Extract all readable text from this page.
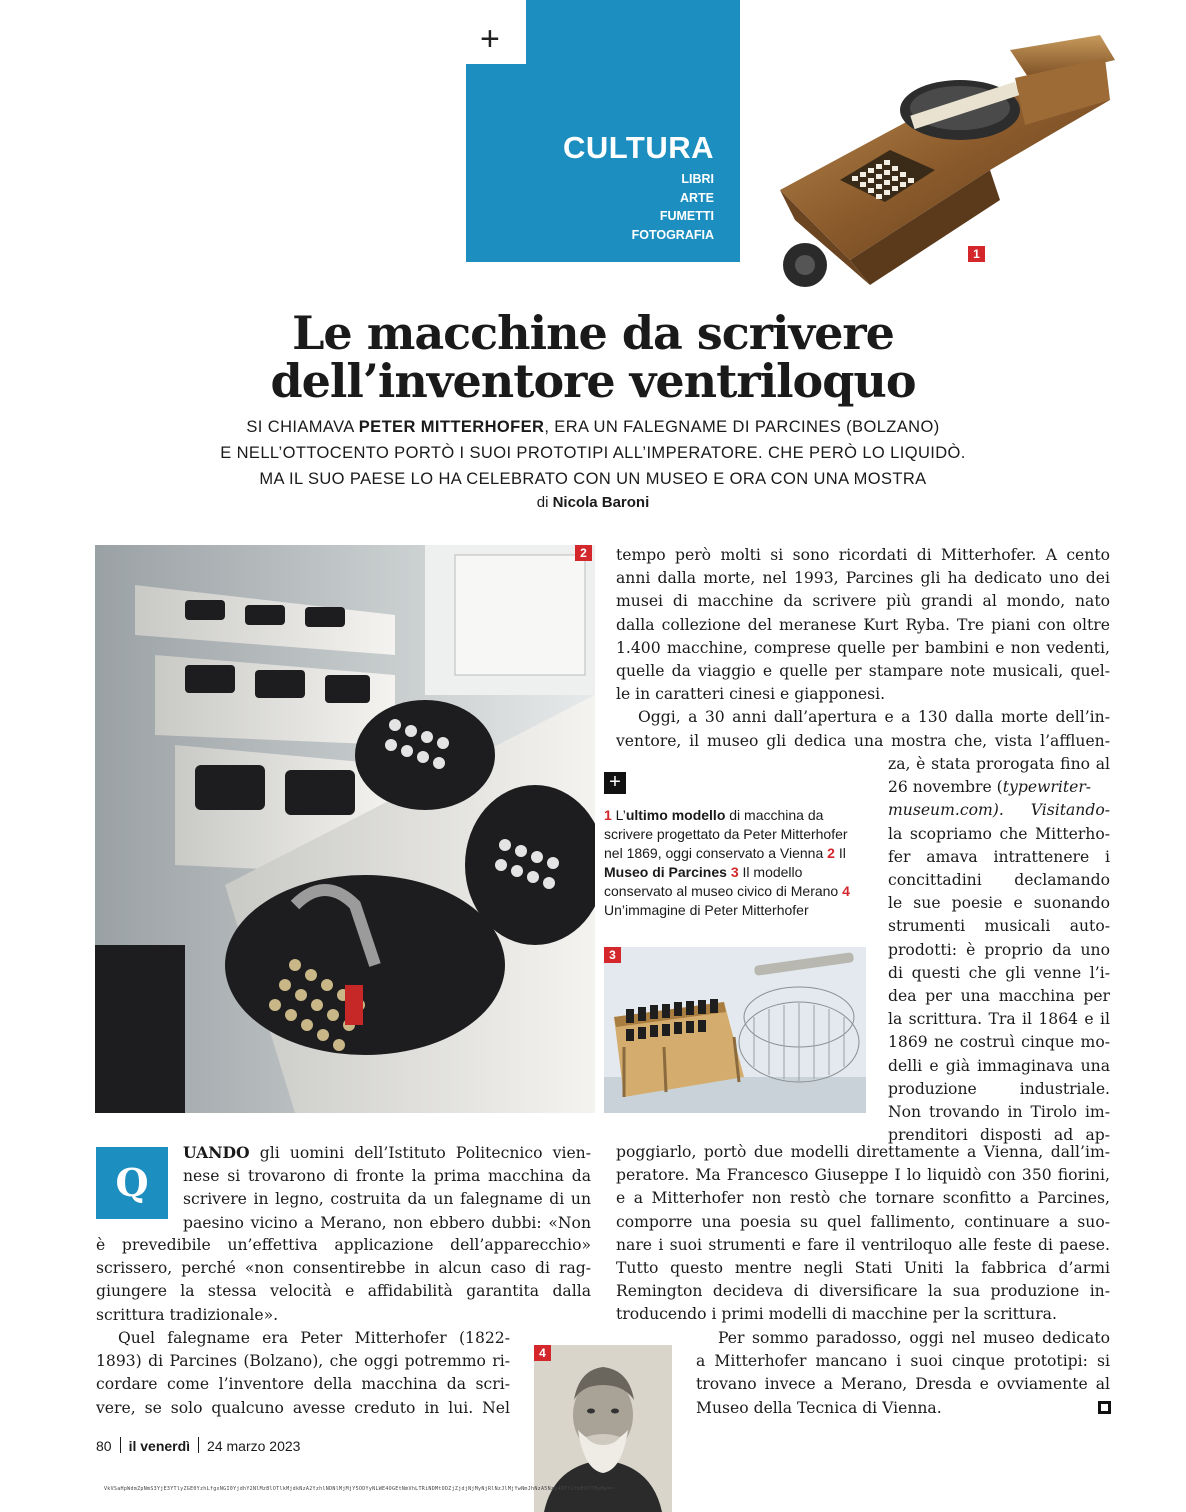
+
CULTURA
LIBRI
ARTE
FUMETTI
FOTOGRAFIA
1
Le macchine da scrivere
dell’inventore ventriloquo
SI CHIAMAVA PETER MITTERHOFER, ERA UN FALEGNAME DI PARCINES (BOLZANO)
E NELL’OTTOCENTO PORTÒ I SUOI PROTOTIPI ALL’IMPERATORE. CHE PERÒ LO LIQUIDÒ.
MA IL SUO PAESE LO HA CELEBRATO CON UN MUSEO E ORA CON UNA MOSTRA
di Nicola Baroni
2
+
1 L’ultimo modello di macchina da scrivere progettato da Peter Mitterhofer nel 1869, oggi conservato a Vienna 2 Il Museo di Parcines 3 Il modello conservato al museo civico di Merano 4 Un’immagine di Peter Mitterhofer
3
tempo però molti si sono ricordati di Mitterhofer. A cento
anni dalla morte, nel 1993, Parcines gli ha dedicato uno dei
musei di macchine da scrivere più grandi al mondo, nato
dalla collezione del meranese Kurt Ryba. Tre piani con oltre
1.400 macchine, comprese quelle per bambini e non vedenti,
quelle da viaggio e quelle per stampare note musicali, quel-
le in caratteri cinesi e giapponesi.
Oggi, a 30 anni dall’apertura e a 130 dalla morte dell’in-
ventore, il museo gli dedica una mostra che, vista l’affluen-
za, è stata prorogata fino al
26 novembre (typewriter-
museum.com). Visitando-
la scopriamo che Mitterho-
fer amava intrattenere i
concittadini declamando
le sue poesie e suonando
strumenti musicali auto-
prodotti: è proprio da uno
di questi che gli venne l’i-
dea per una macchina per
la scrittura. Tra il 1864 e il
1869 ne costruì cinque mo-
delli e già immaginava una
produzione industriale.
Non trovando in Tirolo im-
prenditori disposti ad ap-
poggiarlo, portò due modelli direttamente a Vienna, dall’im-
peratore. Ma Francesco Giuseppe I lo liquidò con 350 fiorini,
e a Mitterhofer non restò che tornare sconfitto a Parcines,
comporre una poesia su quel fallimento, continuare a suo-
nare i suoi strumenti e fare il ventriloquo alle feste di paese.
Tutto questo mentre negli Stati Uniti la fabbrica d’armi
Remington decideva di diversificare la sua produzione in-
troducendo i primi modelli di macchine per la scrittura.
Per sommo paradosso, oggi nel museo dedicato
a Mitterhofer mancano i suoi cinque prototipi: si
trovano invece a Merano, Dresda e ovviamente al
Museo della Tecnica di Vienna.
Q
UANDO gli uomini dell’Istituto Politecnico vien-
nese si trovarono di fronte la prima macchina da
scrivere in legno, costruita da un falegname di un
paesino vicino a Merano, non ebbero dubbi: «Non
è prevedibile un’effettiva applicazione dell’apparecchio»
scrissero, perché «non consentirebbe in alcun caso di rag-
giungere la stessa velocità e affidabilità garantita dalla
scrittura tradizionale».
Quel falegname era Peter Mitterhofer (1822-
1893) di Parcines (Bolzano), che oggi potremmo ri-
cordare come l’inventore della macchina da scri-
vere, se solo qualcuno avesse creduto in lui. Nel
4
80 il venerdì 24 marzo 2023
VkVSaHpWdmZpNmS3YjE3YTlyZGE0YzhLfgxNGI0YjdhY2NlMzBlOTlkMjdkNzA2YzhlNDNlMjMjY5ODYyNLWE4OGEtNmVhLTRiNDMtODZjZjdjNjMyNjRlNzJlMjYwNmJhNzA5Nzg4NTY1YmE0YTMyMw==
